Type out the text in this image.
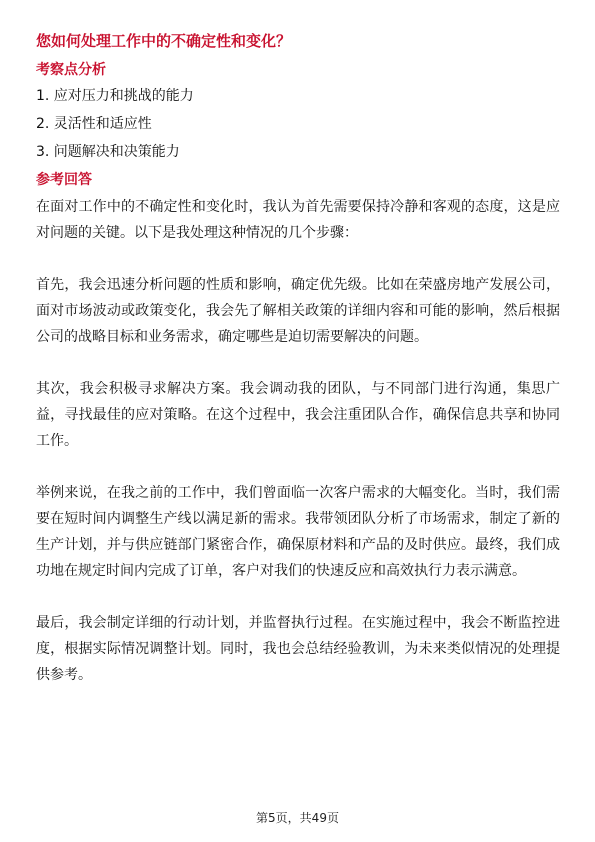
您如何处理工作中的不确定性和变化？
考察点分析
1. 应对压力和挑战的能力
2. 灵活性和适应性
3. 问题解决和决策能力
参考回答

在面对工作中的不确定性和变化时，我认为首先需要保持冷静和客观的态度，这是应对问题的关键。以下是我处理这种情况的几个步骤：

首先，我会迅速分析问题的性质和影响，确定优先级。比如在荣盛房地产发展公司，面对市场波动或政策变化，我会先了解相关政策的详细内容和可能的影响，然后根据公司的战略目标和业务需求，确定哪些是迫切需要解决的问题。

其次，我会积极寻求解决方案。我会调动我的团队，与不同部门进行沟通，集思广益，寻找最佳的应对策略。在这个过程中，我会注重团队合作，确保信息共享和协同工作。

举例来说，在我之前的工作中，我们曾面临一次客户需求的大幅变化。当时，我们需要在短时间内调整生产线以满足新的需求。我带领团队分析了市场需求，制定了新的生产计划，并与供应链部门紧密合作，确保原材料和产品的及时供应。最终，我们成功地在规定时间内完成了订单，客户对我们的快速反应和高效执行力表示满意。

最后，我会制定详细的行动计划，并监督执行过程。在实施过程中，我会不断监控进度，根据实际情况调整计划。同时，我也会总结经验教训，为未来类似情况的处理提供参考。

第5页，共49页
